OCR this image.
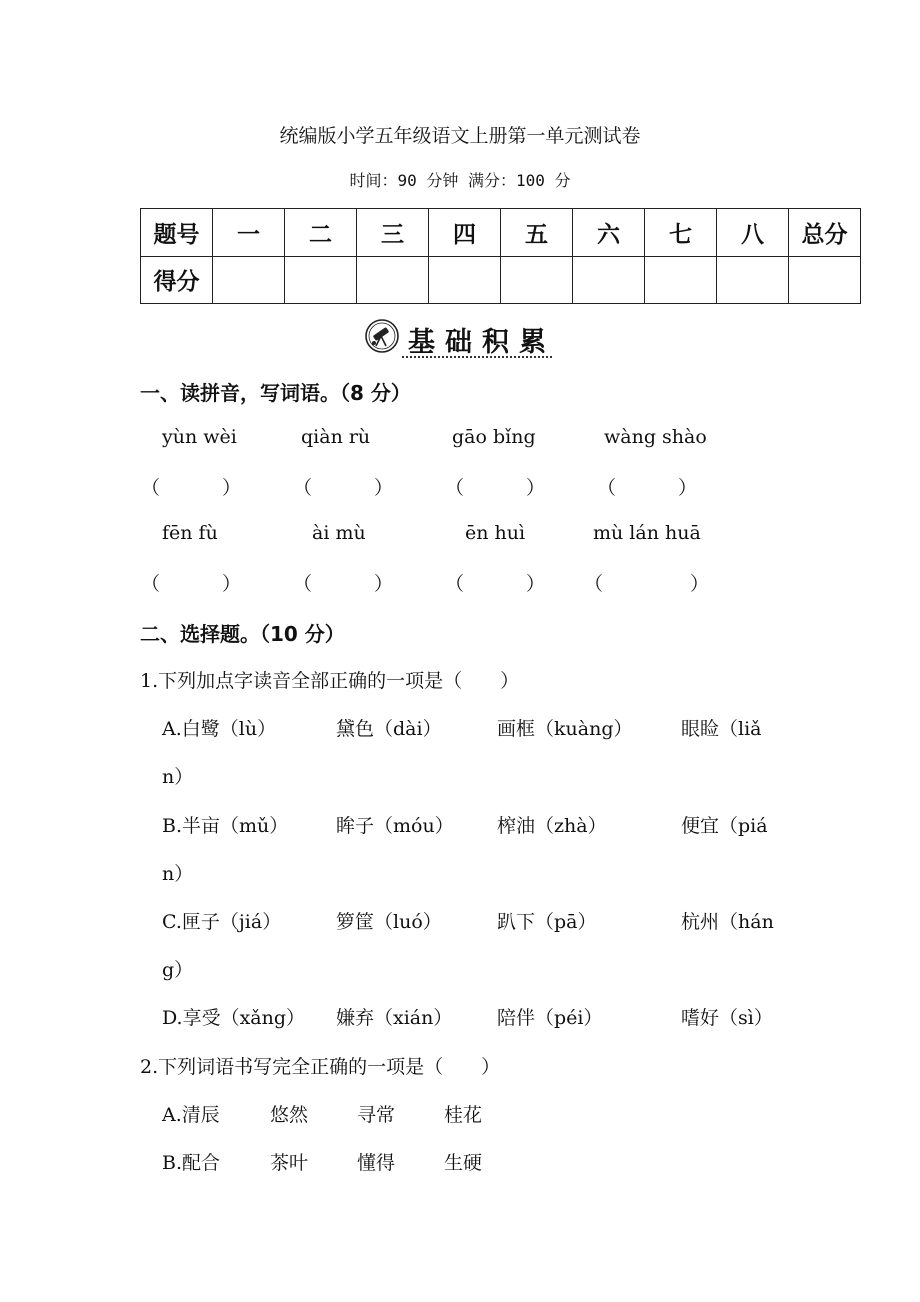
统编版小学五年级语文上册第一单元测试卷
时间：90 分钟 满分：100 分
题号	一	二	三	四	五	六	七	八	总分
得分									
基础积累
一、读拼音，写词语。（8 分）
yùn wèi	qiàn rù	gāo bǐng	wàng shào
（	）	（	）	（	）	（	）
fēn fù	ài mù	ēn huì	mù lán huā
（	）	（	）	（	） （	）
二、选择题。（10 分）
1.下列加点字读音全部正确的一项是（　　）
A.白鹭（lù）	黛色（dài）	画框（kuàng）	眼睑（liǎ
n）
B.半亩（mǔ）	眸子（móu） 榨油（zhà）	便宜（piá
n）
C.匣子（jiá）	箩筐（luó）	趴下（pā）	杭州（hán
g）
D.享受（xǎng） 嫌弃（xián） 陪伴（péi）	嗜好（sì）
2.下列词语书写完全正确的一项是（　　）
A.清辰	悠然	寻常	桂花
B.配合	茶叶	懂得	生硬
